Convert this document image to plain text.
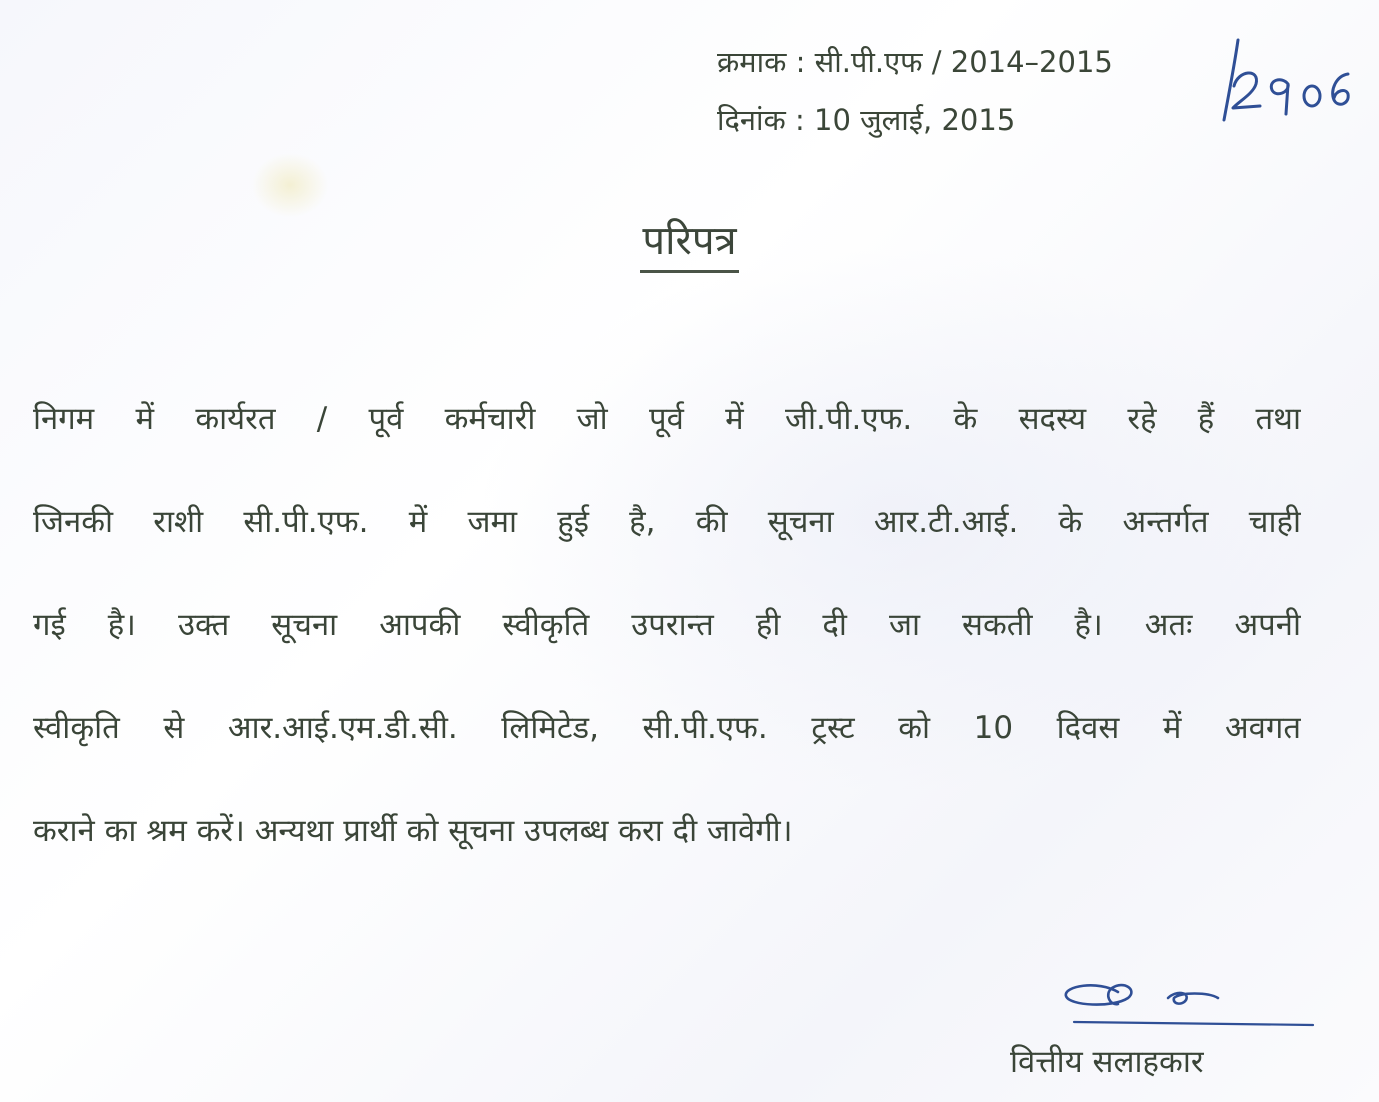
क्रमाक : सी.पी.एफ / 2014–2015
दिनांक : 10 जुलाई, 2015
परिपत्र
निगम में कार्यरत / पूर्व कर्मचारी जो पूर्व में जी.पी.एफ. के सदस्य रहे हैं तथा
जिनकी राशी सी.पी.एफ. में जमा हुई है, की सूचना आर.टी.आई. के अन्तर्गत चाही
गई है। उक्त सूचना आपकी स्वीकृति उपरान्त ही दी जा सकती है। अतः अपनी
स्वीकृति से आर.आई.एम.डी.सी. लिमिटेड, सी.पी.एफ. ट्रस्ट को 10 दिवस में अवगत
कराने का श्रम करें। अन्यथा प्रार्थी को सूचना उपलब्ध करा दी जावेगी।
वित्तीय सलाहकार
